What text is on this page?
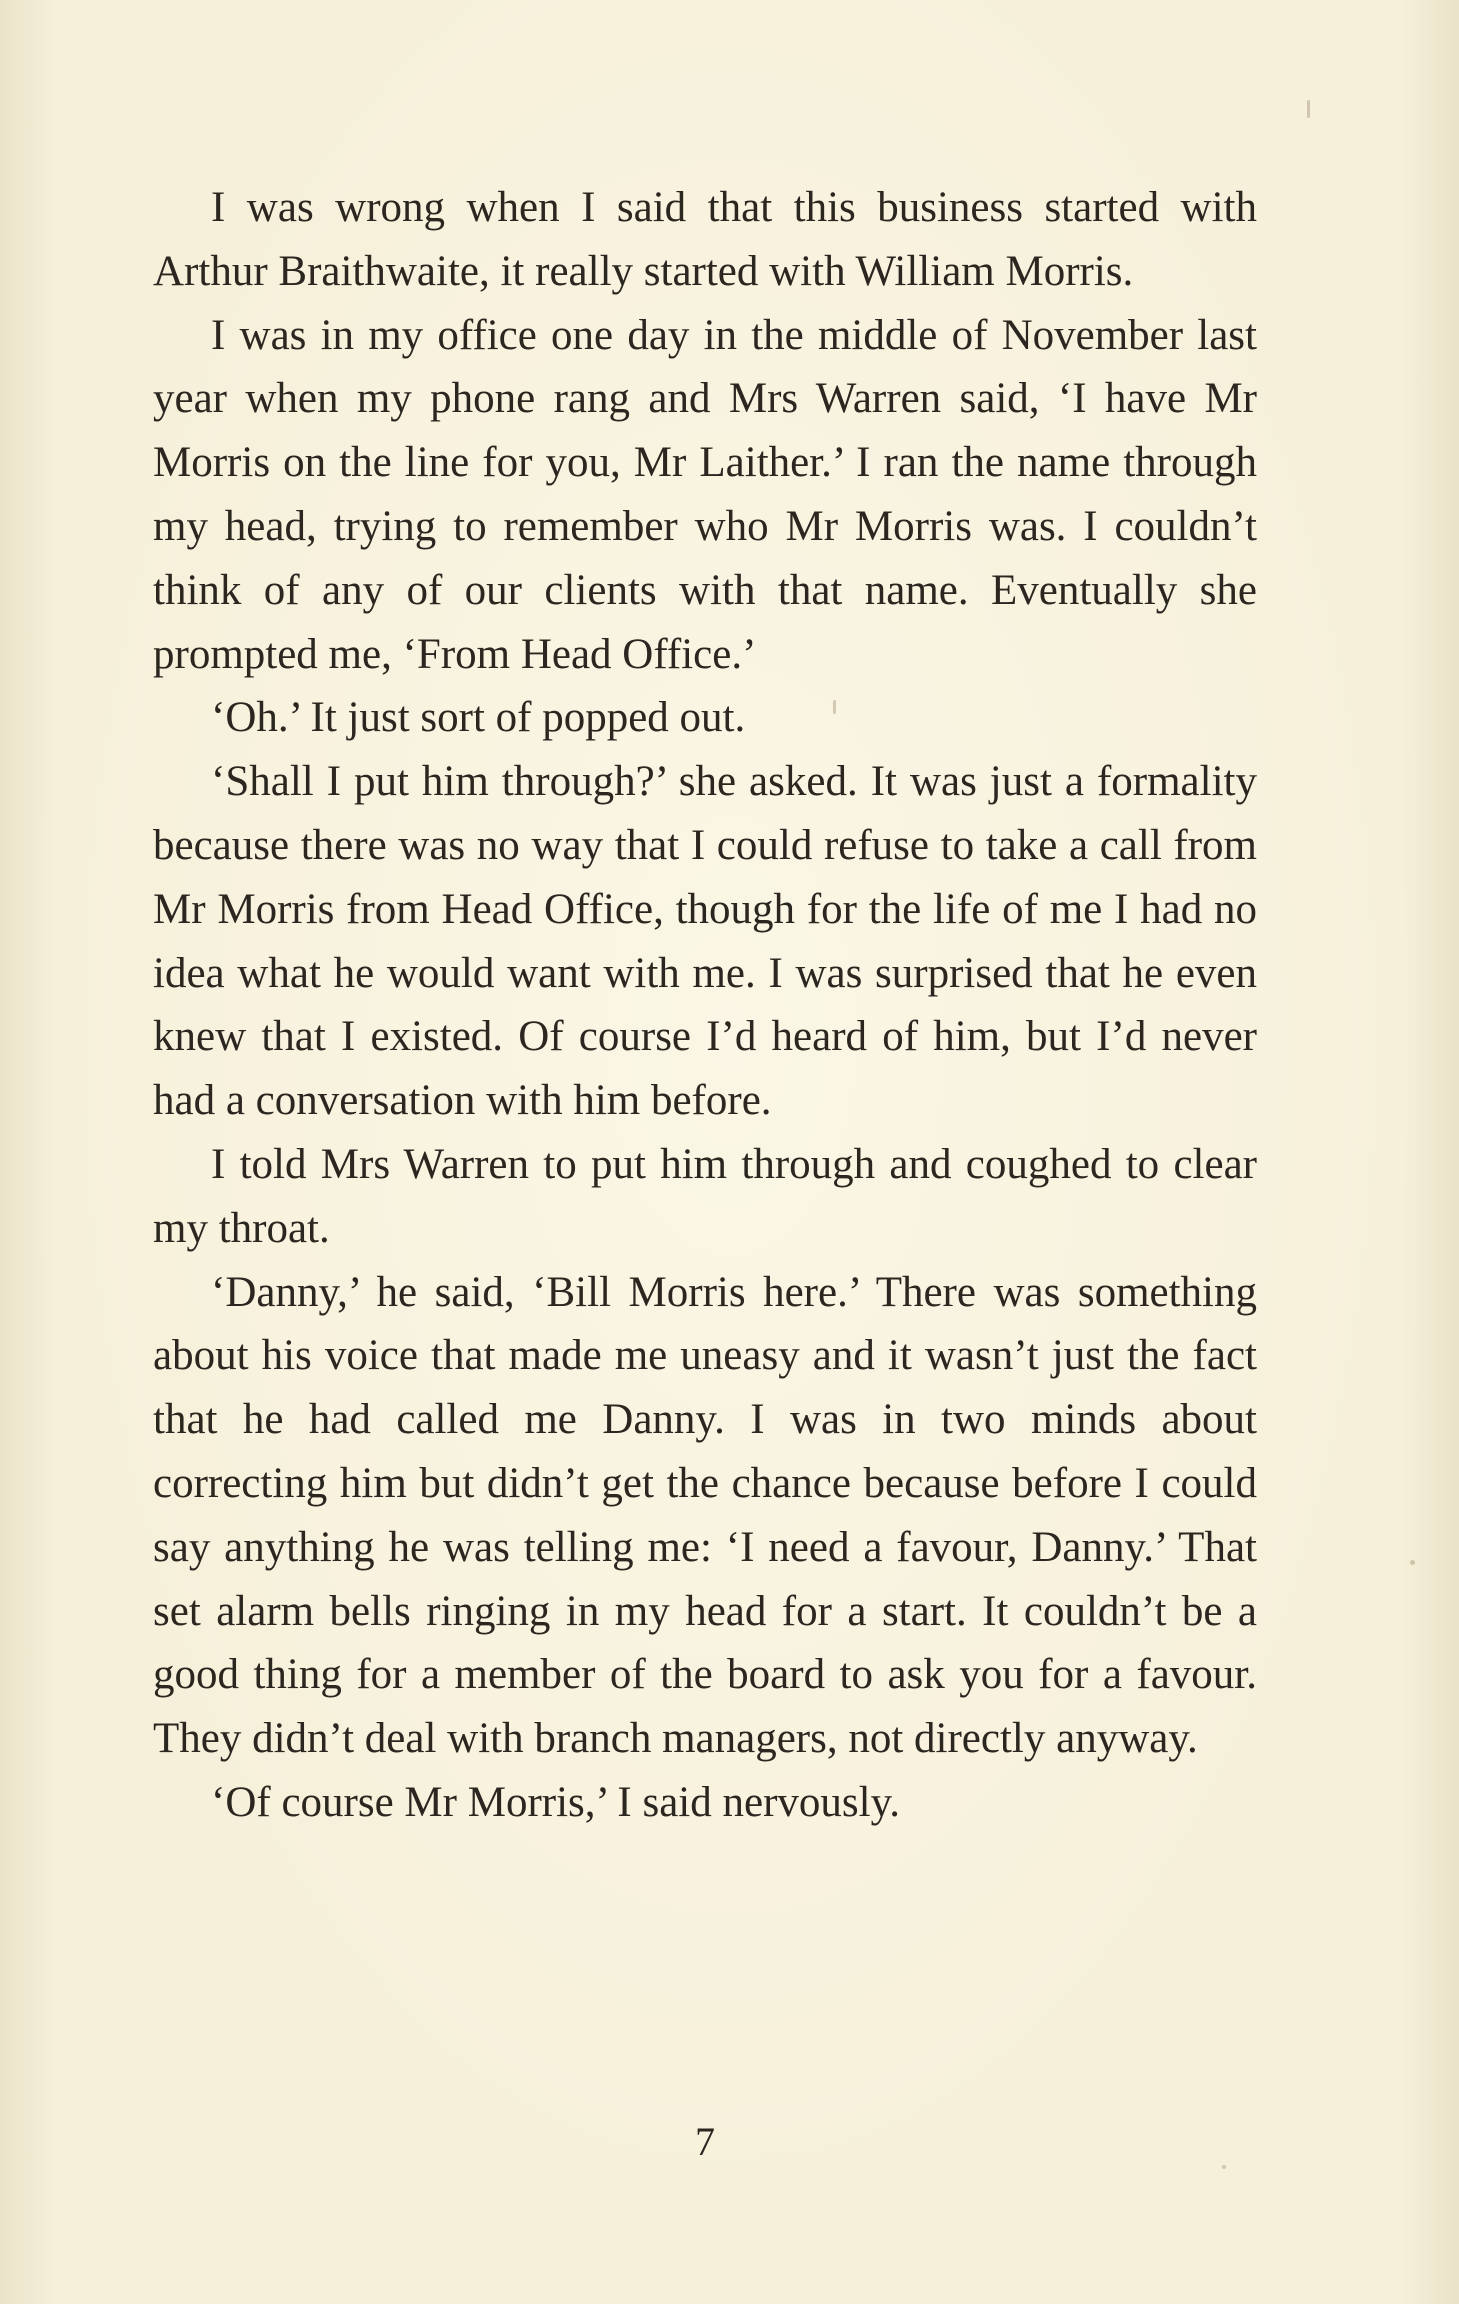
I was wrong when I said that this business started with Arthur Braithwaite, it really started with William Morris.

I was in my office one day in the middle of November last year when my phone rang and Mrs Warren said, ‘I have Mr Morris on the line for you, Mr Laither.’ I ran the name through my head, trying to remember who Mr Morris was. I couldn’t think of any of our clients with that name. Eventually she prompted me, ‘From Head Office.’

‘Oh.’ It just sort of popped out.

‘Shall I put him through?’ she asked. It was just a formality because there was no way that I could refuse to take a call from Mr Morris from Head Office, though for the life of me I had no idea what he would want with me. I was surprised that he even knew that I existed. Of course I’d heard of him, but I’d never had a conversation with him before.

I told Mrs Warren to put him through and coughed to clear my throat.

‘Danny,’ he said, ‘Bill Morris here.’ There was something about his voice that made me uneasy and it wasn’t just the fact that he had called me Danny. I was in two minds about correcting him but didn’t get the chance because before I could say anything he was telling me: ‘I need a favour, Danny.’ That set alarm bells ringing in my head for a start. It couldn’t be a good thing for a member of the board to ask you for a favour. They didn’t deal with branch managers, not directly anyway.

‘Of course Mr Morris,’ I said nervously.

7
